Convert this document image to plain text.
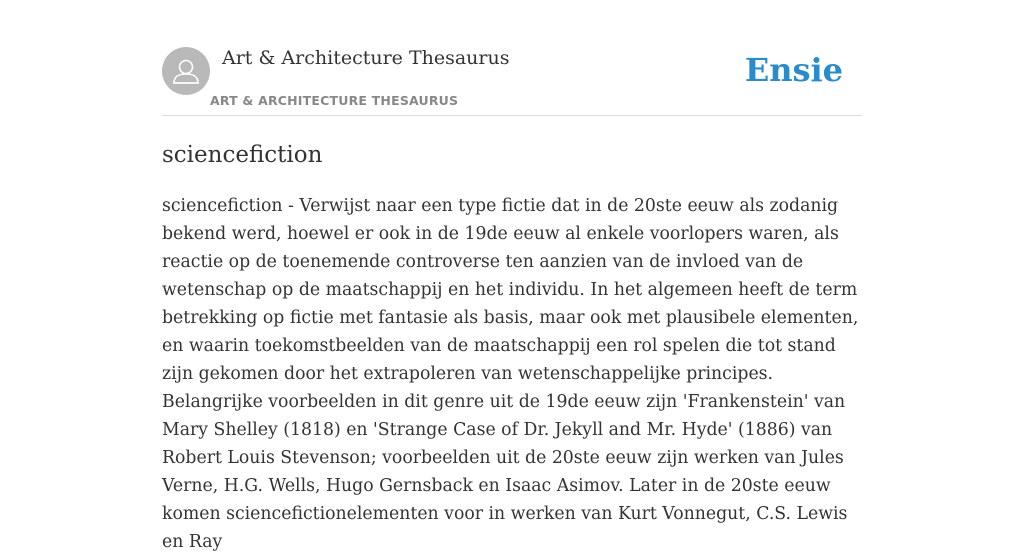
Art & Architecture Thesaurus
ART & ARCHITECTURE THESAURUS
Ensie
sciencefiction

sciencefiction - Verwijst naar een type fictie dat in de 20ste eeuw als zodanig bekend werd, hoewel er ook in de 19de eeuw al enkele voorlopers waren, als reactie op de toenemende controverse ten aanzien van de invloed van de wetenschap op de maatschappij en het individu. In het algemeen heeft de term betrekking op fictie met fantasie als basis, maar ook met plausibele elementen, en waarin toekomstbeelden van de maatschappij een rol spelen die tot stand zijn gekomen door het extrapoleren van wetenschappelijke principes. Belangrijke voorbeelden in dit genre uit de 19de eeuw zijn 'Frankenstein' van Mary Shelley (1818) en 'Strange Case of Dr. Jekyll and Mr. Hyde' (1886) van Robert Louis Stevenson; voorbeelden uit de 20ste eeuw zijn werken van Jules Verne, H.G. Wells, Hugo Gernsback en Isaac Asimov. Later in de 20ste eeuw komen sciencefictionelementen voor in werken van Kurt Vonnegut, C.S. Lewis en Ray
